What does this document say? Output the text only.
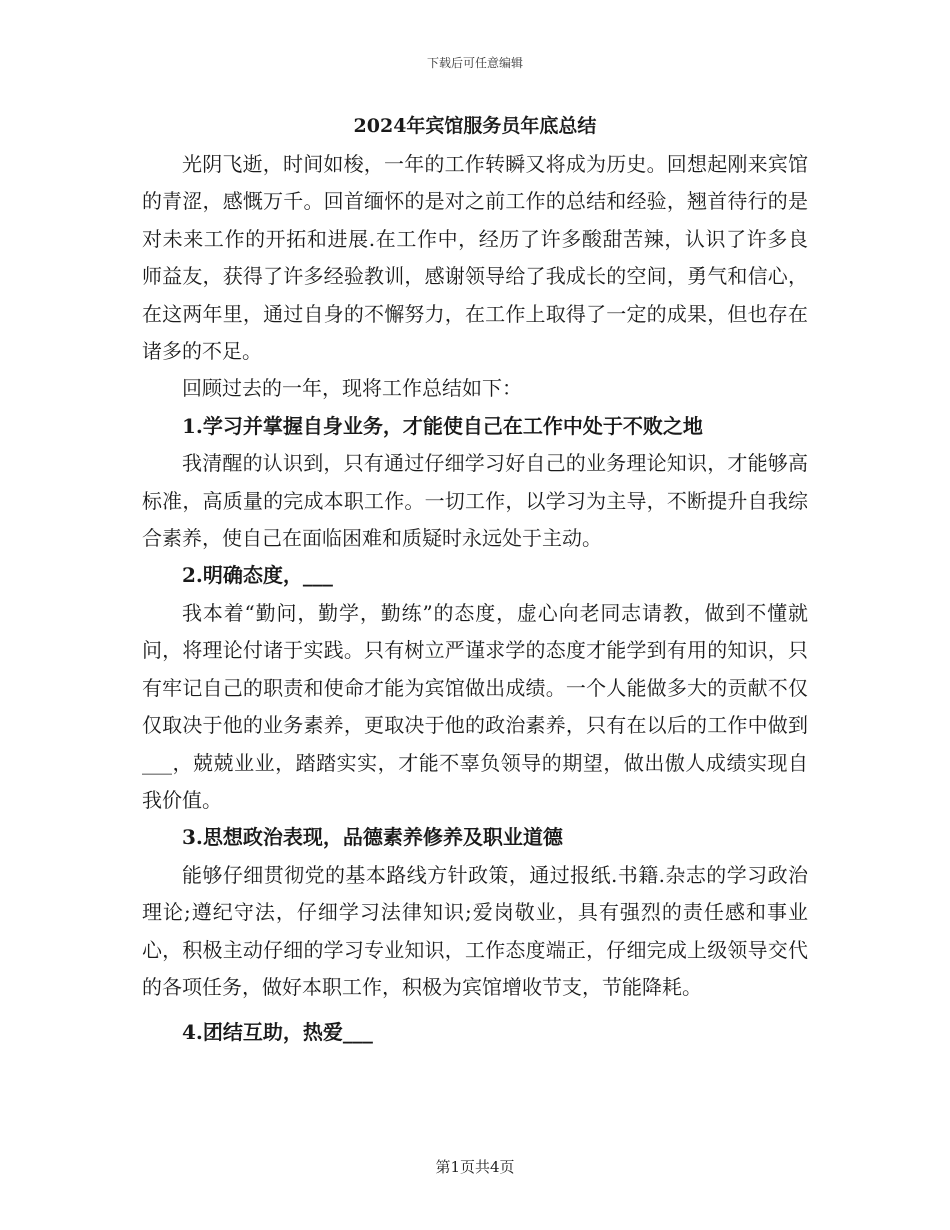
下载后可任意编辑
2024年宾馆服务员年底总结

光阴飞逝，时间如梭，一年的工作转瞬又将成为历史。回想起刚来宾馆的青涩，感慨万千。回首缅怀的是对之前工作的总结和经验，翘首待行的是对未来工作的开拓和进展.在工作中，经历了许多酸甜苦辣，认识了许多良师益友，获得了许多经验教训，感谢领导给了我成长的空间，勇气和信心，在这两年里，通过自身的不懈努力，在工作上取得了一定的成果，但也存在诸多的不足。

回顾过去的一年，现将工作总结如下：

1.学习并掌握自身业务，才能使自己在工作中处于不败之地

我清醒的认识到，只有通过仔细学习好自己的业务理论知识，才能够高标准，高质量的完成本职工作。一切工作，以学习为主导，不断提升自我综合素养，使自己在面临困难和质疑时永远处于主动。

2.明确态度，___

我本着“勤问，勤学，勤练”的态度，虚心向老同志请教，做到不懂就问，将理论付诸于实践。只有树立严谨求学的态度才能学到有用的知识，只有牢记自己的职责和使命才能为宾馆做出成绩。一个人能做多大的贡献不仅仅取决于他的业务素养，更取决于他的政治素养，只有在以后的工作中做到___，兢兢业业，踏踏实实，才能不辜负领导的期望，做出傲人成绩实现自我价值。

3.思想政治表现，品德素养修养及职业道德

能够仔细贯彻党的基本路线方针政策，通过报纸.书籍.杂志的学习政治理论;遵纪守法，仔细学习法律知识;爱岗敬业，具有强烈的责任感和事业心，积极主动仔细的学习专业知识，工作态度端正，仔细完成上级领导交代的各项任务，做好本职工作，积极为宾馆增收节支，节能降耗。

4.团结互助，热爱___

第1页共4页
